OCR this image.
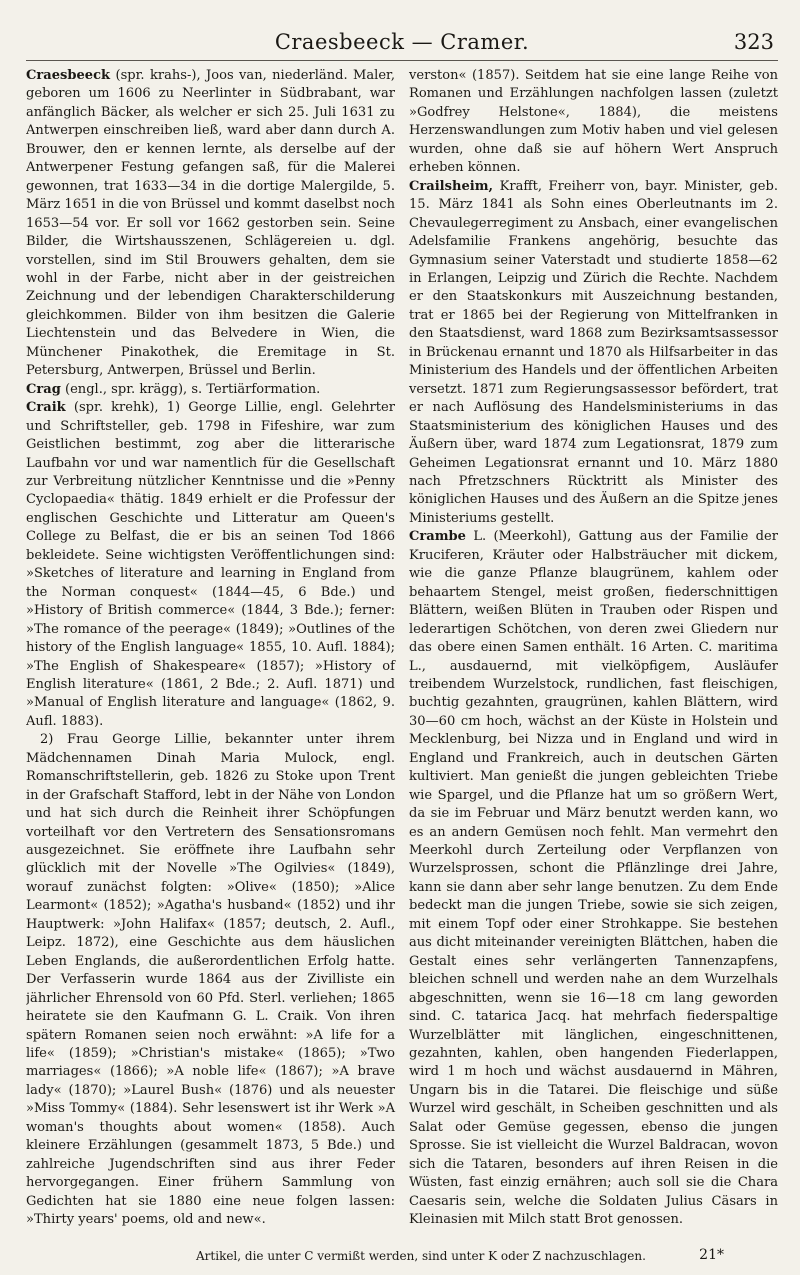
Craesbeeck — Cramer.	323

Craesbeeck (spr. krahs-), Joos van, niederländ. Maler, geboren um 1606 zu Neerlinter in Südbrabant, war anfänglich Bäcker, als welcher er sich 25. Juli 1631 zu Antwerpen einschreiben ließ, ward aber dann durch A. Brouwer, den er kennen lernte, als derselbe auf der Antwerpener Festung gefangen saß, für die Malerei gewonnen, trat 1633—34 in die dortige Malergilde, 5. März 1651 in die von Brüssel und kommt daselbst noch 1653—54 vor. Er soll vor 1662 gestorben sein. Seine Bilder, die Wirtshausszenen, Schlägereien u. dgl. vorstellen, sind im Stil Brouwers gehalten, dem sie wohl in der Farbe, nicht aber in der geistreichen Zeichnung und der lebendigen Charakterschilderung gleichkommen. Bilder von ihm besitzen die Galerie Liechtenstein und das Belvedere in Wien, die Münchener Pinakothek, die Eremitage in St. Petersburg, Antwerpen, Brüssel und Berlin.

Crag (engl., spr. krägg), s. Tertiärformation.

Craik (spr. krehk), 1) George Lillie, engl. Gelehrter und Schriftsteller, geb. 1798 in Fifeshire, war zum Geistlichen bestimmt, zog aber die litterarische Laufbahn vor und war namentlich für die Gesellschaft zur Verbreitung nützlicher Kenntnisse und die »Penny Cyclopaedia« thätig. 1849 erhielt er die Professur der englischen Geschichte und Litteratur am Queen's College zu Belfast, die er bis an seinen Tod 1866 bekleidete. Seine wichtigsten Veröffentlichungen sind: »Sketches of literature and learning in England from the Norman conquest« (1844—45, 6 Bde.) und »History of British commerce« (1844, 3 Bde.); ferner: »The romance of the peerage« (1849); »Outlines of the history of the English language« 1855, 10. Aufl. 1884); »The English of Shakespeare« (1857); »History of English literature« (1861, 2 Bde.; 2. Aufl. 1871) und »Manual of English literature and language« (1862, 9. Aufl. 1883).

2) Frau George Lillie, bekannter unter ihrem Mädchennamen Dinah Maria Mulock, engl. Romanschriftstellerin, geb. 1826 zu Stoke upon Trent in der Grafschaft Stafford, lebt in der Nähe von London und hat sich durch die Reinheit ihrer Schöpfungen vorteilhaft vor den Vertretern des Sensationsromans ausgezeichnet. Sie eröffnete ihre Laufbahn sehr glücklich mit der Novelle »The Ogilvies« (1849), worauf zunächst folgten: »Olive« (1850); »Alice Learmont« (1852); »Agatha's husband« (1852) und ihr Hauptwerk: »John Halifax« (1857; deutsch, 2. Aufl., Leipz. 1872), eine Geschichte aus dem häuslichen Leben Englands, die außerordentlichen Erfolg hatte. Der Verfasserin wurde 1864 aus der Zivilliste ein jährlicher Ehrensold von 60 Pfd. Sterl. verliehen; 1865 heiratete sie den Kaufmann G. L. Craik. Von ihren spätern Romanen seien noch erwähnt: »A life for a life« (1859); »Christian's mistake« (1865); »Two marriages« (1866); »A noble life« (1867); »A brave lady« (1870); »Laurel Bush« (1876) und als neuester »Miss Tommy« (1884). Sehr lesenswert ist ihr Werk »A woman's thoughts about women« (1858). Auch kleinere Erzählungen (gesammelt 1873, 5 Bde.) und zahlreiche Jugendschriften sind aus ihrer Feder hervorgegangen. Einer frühern Sammlung von Gedichten hat sie 1880 eine neue folgen lassen: »Thirty years' poems, old and new«.

verston« (1857). Seitdem hat sie eine lange Reihe von Romanen und Erzählungen nachfolgen lassen (zuletzt »Godfrey Helstone«, 1884), die meistens Herzenswandlungen zum Motiv haben und viel gelesen wurden, ohne daß sie auf höhern Wert Anspruch erheben können.

Crailsheim, Krafft, Freiherr von, bayr. Minister, geb. 15. März 1841 als Sohn eines Oberleutnants im 2. Chevaulegerregiment zu Ansbach, einer evangelischen Adelsfamilie Frankens angehörig, besuchte das Gymnasium seiner Vaterstadt und studierte 1858—62 in Erlangen, Leipzig und Zürich die Rechte. Nachdem er den Staatskonkurs mit Auszeichnung bestanden, trat er 1865 bei der Regierung von Mittelfranken in den Staatsdienst, ward 1868 zum Bezirksamtsassessor in Brückenau ernannt und 1870 als Hilfsarbeiter in das Ministerium des Handels und der öffentlichen Arbeiten versetzt. 1871 zum Regierungsassessor befördert, trat er nach Auflösung des Handelsministeriums in das Staatsministerium des königlichen Hauses und des Äußern über, ward 1874 zum Legationsrat, 1879 zum Geheimen Legationsrat ernannt und 10. März 1880 nach Pfretzschners Rücktritt als Minister des königlichen Hauses und des Äußern an die Spitze jenes Ministeriums gestellt.

Crambe L. (Meerkohl), Gattung aus der Familie der Kruciferen, Kräuter oder Halbsträucher mit dickem, wie die ganze Pflanze blaugrünem, kahlem oder behaartem Stengel, meist großen, fiederschnittigen Blättern, weißen Blüten in Trauben oder Rispen und lederartigen Schötchen, von deren zwei Gliedern nur das obere einen Samen enthält. 16 Arten. C. maritima L., ausdauernd, mit vielköpfigem, Ausläufer treibendem Wurzelstock, rundlichen, fast fleischigen, buchtig gezahnten, graugrünen, kahlen Blättern, wird 30—60 cm hoch, wächst an der Küste in Holstein und Mecklenburg, bei Nizza und in England und wird in England und Frankreich, auch in deutschen Gärten kultiviert. Man genießt die jungen gebleichten Triebe wie Spargel, und die Pflanze hat um so größern Wert, da sie im Februar und März benutzt werden kann, wo es an andern Gemüsen noch fehlt. Man vermehrt den Meerkohl durch Zerteilung oder Verpflanzen von Wurzelsprossen, schont die Pflänzlinge drei Jahre, kann sie dann aber sehr lange benutzen. Zu dem Ende bedeckt man die jungen Triebe, sowie sie sich zeigen, mit einem Topf oder einer Strohkappe. Sie bestehen aus dicht miteinander vereinigten Blättchen, haben die Gestalt eines sehr verlängerten Tannenzapfens, bleichen schnell und werden nahe an dem Wurzelhals abgeschnitten, wenn sie 16—18 cm lang geworden sind. C. tatarica Jacq. hat mehrfach fiederspaltige Wurzelblätter mit länglichen, eingeschnittenen, gezahnten, kahlen, oben hangenden Fiederlappen, wird 1 m hoch und wächst ausdauernd in Mähren, Ungarn bis in die Tatarei. Die fleischige und süße Wurzel wird geschält, in Scheiben geschnitten und als Salat oder Gemüse gegessen, ebenso die jungen Sprosse. Sie ist vielleicht die Wurzel Baldracan, wovon sich die Tataren, besonders auf ihren Reisen in die Wüsten, fast einzig ernähren; auch soll sie die Chara Caesaris sein, welche die Soldaten Julius Cäsars in Kleinasien mit Milch statt Brot genossen.

Artikel, die unter C vermißt werden, sind unter K oder Z nachzuschlagen.	21*
